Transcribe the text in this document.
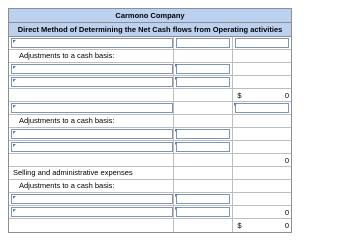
Carmono Company
Direct Method of Determining the Net Cash flows from Operating activities
Adjustments to a cash basis:
$	0
Adjustments to a cash basis:
0
Selling and administrative expenses
Adjustments to a cash basis:
0
$	0
